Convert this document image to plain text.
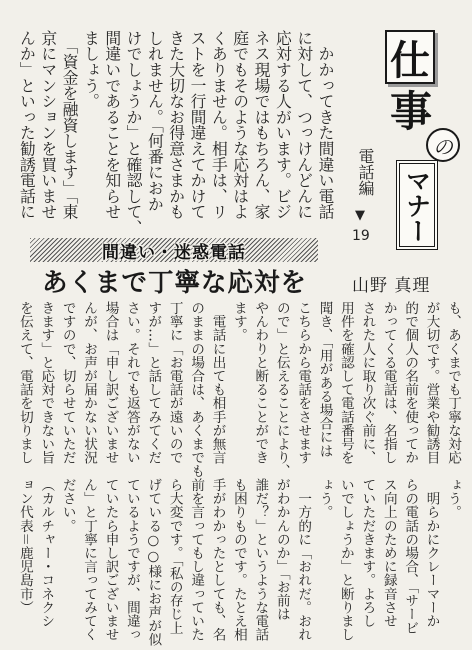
仕
事
の
マナー
電話編
▼
19
　かかってきた間違い電話
に対して、つっけんどんに
応対する人がいます。ビジ
ネス現場ではもちろん、家
庭でもそのような応対はよ
くありません。相手は、リ
ストを一行間違えてかけて
きた大切なお得意さまかも
しれません。「何番におか
けでしょうか」と確認して、
間違いであることを知らせ
ましょう。
　「資金を融資します」「東
京にマンションを買いませ
んか」といった勧誘電話に
間違い・迷惑電話
あくまで丁寧な応対を	山野 真理
も、あくまでも丁寧な対応
が大切です。営業や勧誘目
的で個人の名前を使ってか
かってくる電話は、名指し
された人に取り次ぐ前に、
用件を確認して電話番号を
聞き、「用がある場合には
こちらから電話をさせます
ので」と伝えることにより、
やんわりと断ることができ
ます。
　電話に出ても相手が無言
のままの場合は、あくまでも
丁寧に「お電話が遠いので
すが…」と話してみてくだ
さい。それでも返答がない
場合は「申し訳ございませ
んが、お声が届かない状況
ですので、切らせていただ
きます」と応対できない旨
を伝えて、電話を切りまし
ょう。
　明らかにクレーマーか
らの電話の場合、「サービ
ス向上のために録音させ
ていただきます。よろし
いでしょうか」と断りまし
ょう。
　一方的に「おれだ。おれ
がわかんのか」「お前は
誰だ？」というような電話
も困りものです。たとえ相
手がわかったとしても、名
前を言ってもし違っていた
ら大変です。「私の存じ上
げている○○様にお声が似
ているようですが、間違っ
ていたら申し訳ございませ
ん」と丁寧に言ってみてく
ださい。
（カルチャー・コネクシ
ョン代表＝鹿児島市）
